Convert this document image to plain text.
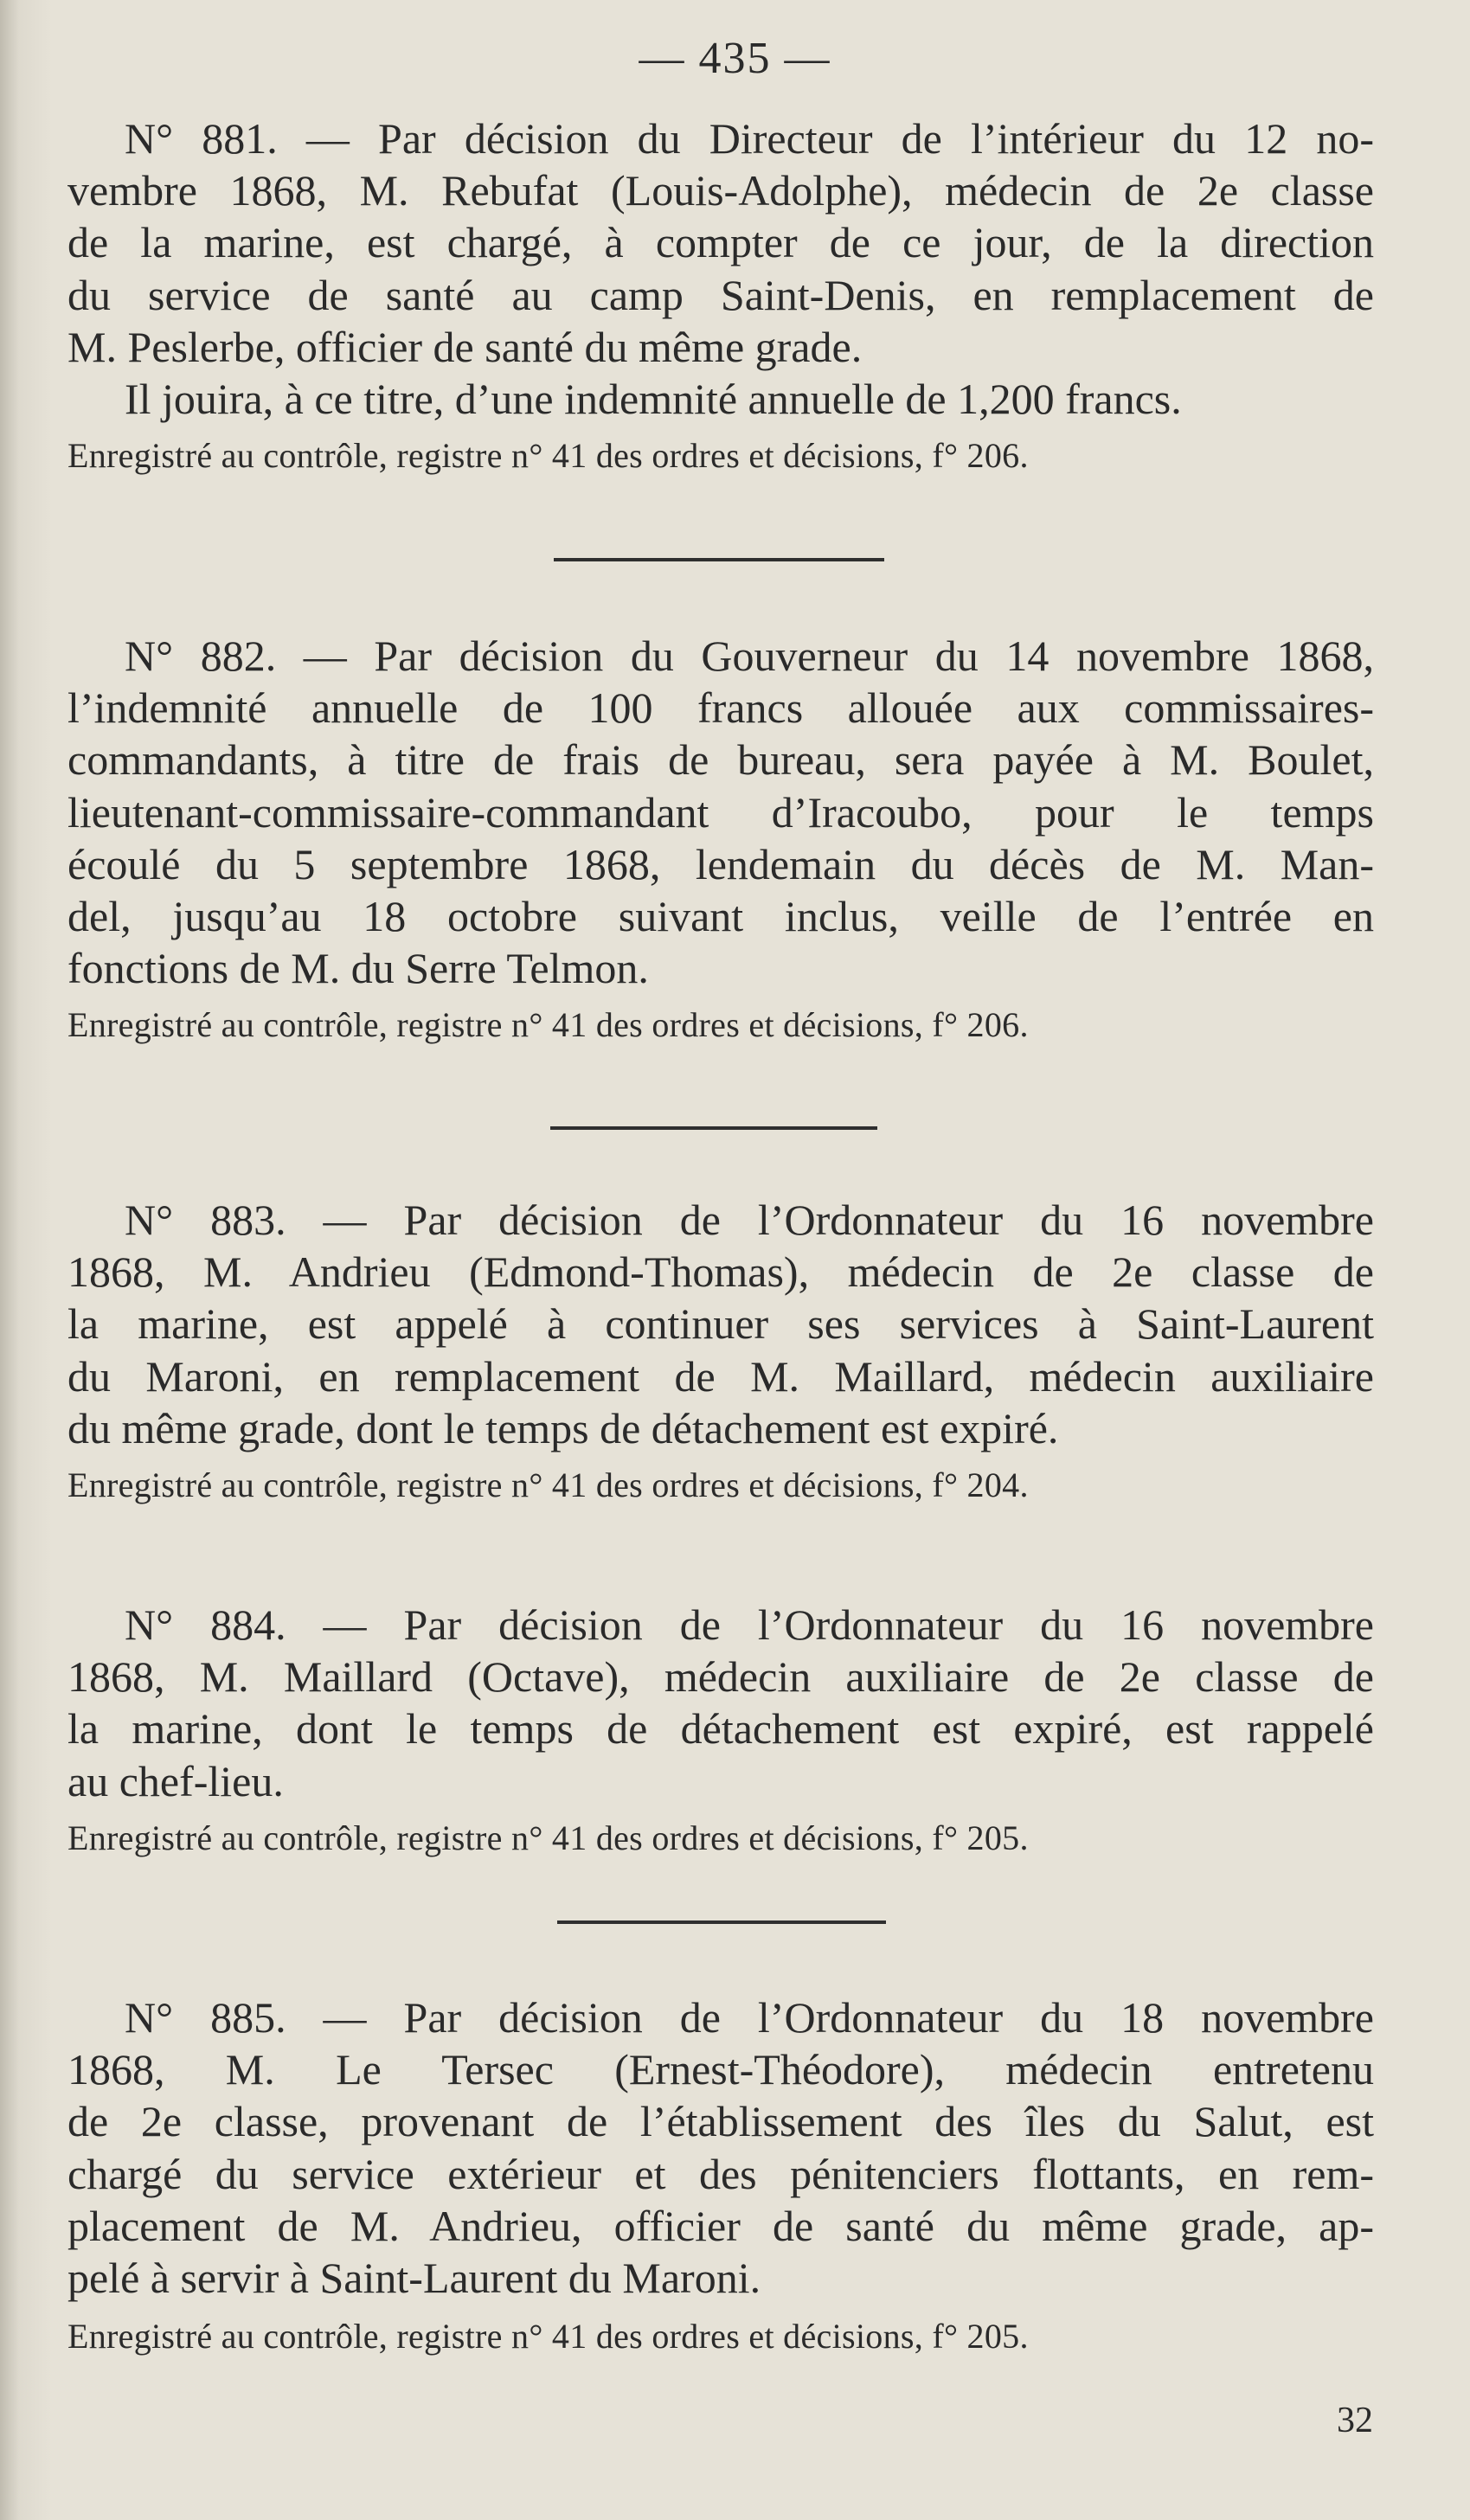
— 435 —
N° 881. — Par décision du Directeur de l’intérieur du 12 no-
vembre 1868, M. Rebufat (Louis-Adolphe), médecin de 2e classe
de la marine, est chargé, à compter de ce jour, de la direction
du service de santé au camp Saint-Denis, en remplacement de
M. Peslerbe, officier de santé du même grade.
Il jouira, à ce titre, d’une indemnité annuelle de 1,200 francs.
Enregistré au contrôle, registre n° 41 des ordres et décisions, f° 206.
N° 882. — Par décision du Gouverneur du 14 novembre 1868,
l’indemnité annuelle de 100 francs allouée aux commissaires-
commandants, à titre de frais de bureau, sera payée à M. Boulet,
lieutenant-commissaire-commandant d’Iracoubo, pour le temps
écoulé du 5 septembre 1868, lendemain du décès de M. Man-
del, jusqu’au 18 octobre suivant inclus, veille de l’entrée en
fonctions de M. du Serre Telmon.
Enregistré au contrôle, registre n° 41 des ordres et décisions, f° 206.
N° 883. — Par décision de l’Ordonnateur du 16 novembre
1868, M. Andrieu (Edmond-Thomas), médecin de 2e classe de
la marine, est appelé à continuer ses services à Saint-Laurent
du Maroni, en remplacement de M. Maillard, médecin auxiliaire
du même grade, dont le temps de détachement est expiré.
Enregistré au contrôle, registre n° 41 des ordres et décisions, f° 204.
N° 884. — Par décision de l’Ordonnateur du 16 novembre
1868, M. Maillard (Octave), médecin auxiliaire de 2e classe de
la marine, dont le temps de détachement est expiré, est rappelé
au chef-lieu.
Enregistré au contrôle, registre n° 41 des ordres et décisions, f° 205.
N° 885. — Par décision de l’Ordonnateur du 18 novembre
1868, M. Le Tersec (Ernest-Théodore), médecin entretenu
de 2e classe, provenant de l’établissement des îles du Salut, est
chargé du service extérieur et des pénitenciers flottants, en rem-
placement de M. Andrieu, officier de santé du même grade, ap-
pelé à servir à Saint-Laurent du Maroni.
Enregistré au contrôle, registre n° 41 des ordres et décisions, f° 205.
32
